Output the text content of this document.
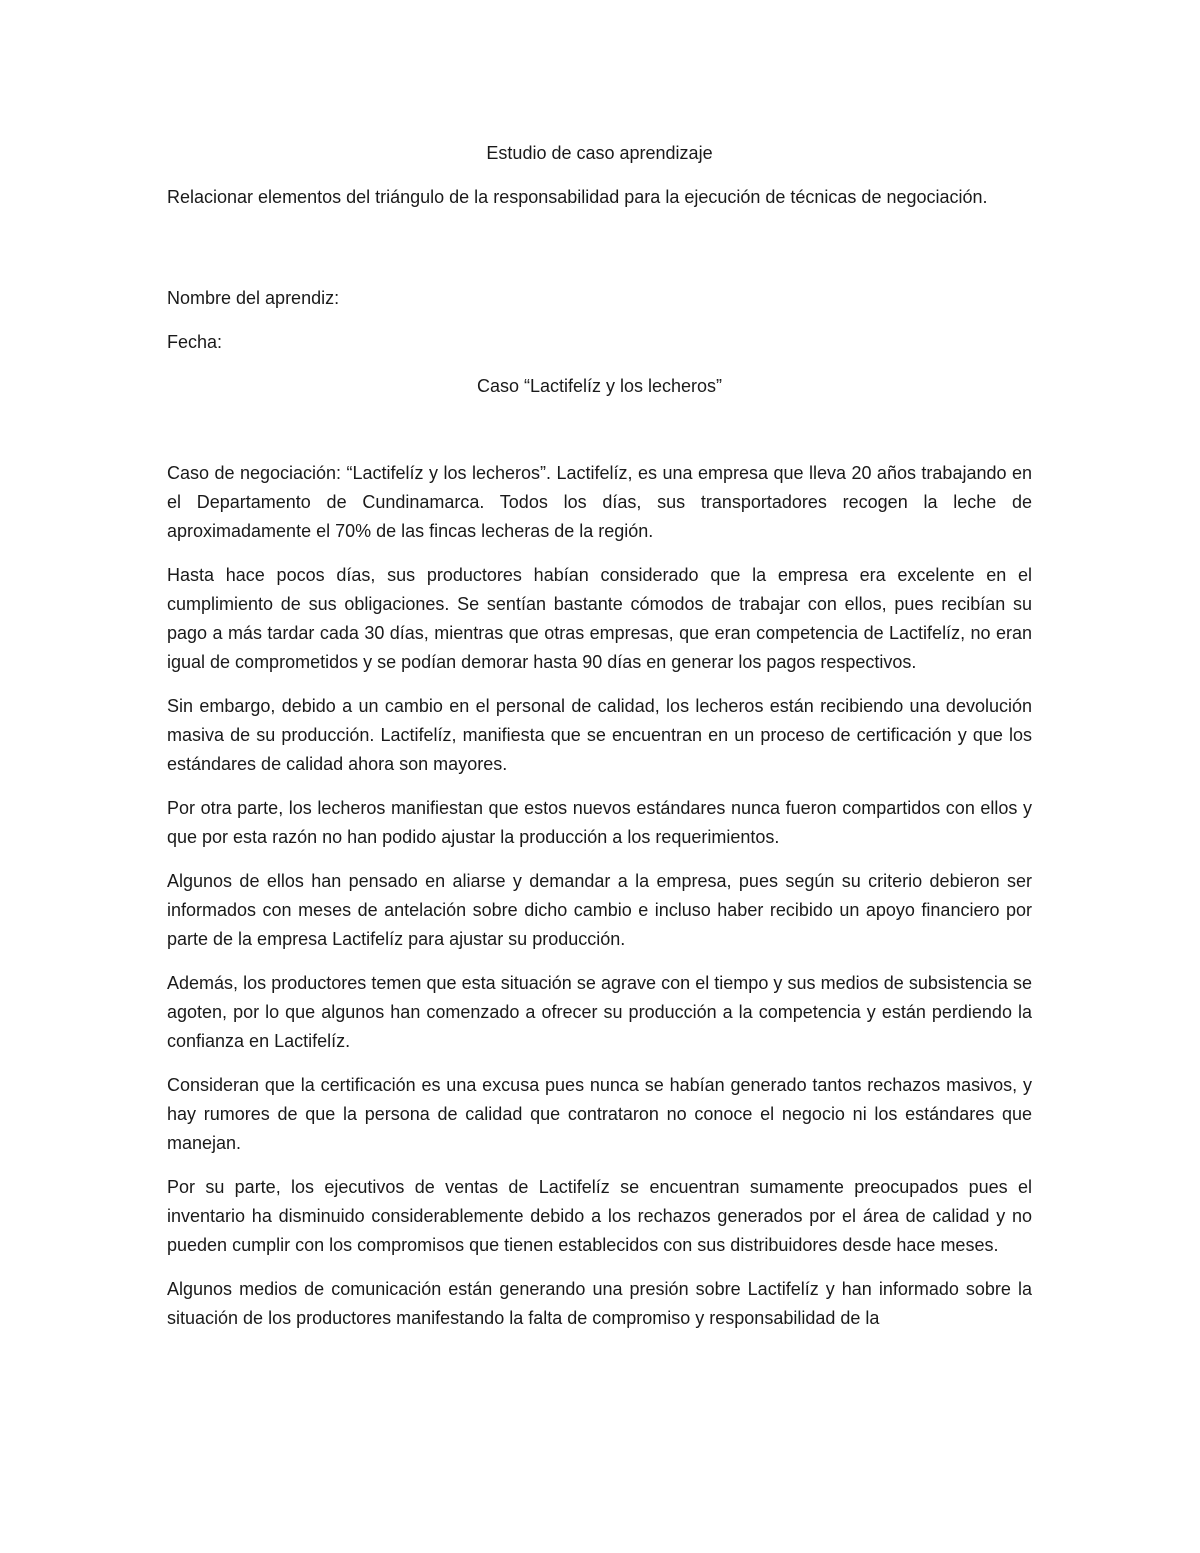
Estudio de caso aprendizaje

Relacionar elementos del triángulo de la responsabilidad para la ejecución de técnicas de negociación.

Nombre del aprendiz:

Fecha:

Caso “Lactifelíz y los lecheros”

Caso de negociación: “Lactifelíz y los lecheros”. Lactifelíz, es una empresa que lleva 20 años trabajando en el Departamento de Cundinamarca. Todos los días, sus transportadores recogen la leche de aproximadamente el 70% de las fincas lecheras de la región.

Hasta hace pocos días, sus productores habían considerado que la empresa era excelente en el cumplimiento de sus obligaciones. Se sentían bastante cómodos de trabajar con ellos, pues recibían su pago a más tardar cada 30 días, mientras que otras empresas, que eran competencia de Lactifelíz, no eran igual de comprometidos y se podían demorar hasta 90 días en generar los pagos respectivos.

Sin embargo, debido a un cambio en el personal de calidad, los lecheros están recibiendo una devolución masiva de su producción. Lactifelíz, manifiesta que se encuentran en un proceso de certificación y que los estándares de calidad ahora son mayores.

Por otra parte, los lecheros manifiestan que estos nuevos estándares nunca fueron compartidos con ellos y que por esta razón no han podido ajustar la producción a los requerimientos.

Algunos de ellos han pensado en aliarse y demandar a la empresa, pues según su criterio debieron ser informados con meses de antelación sobre dicho cambio e incluso haber recibido un apoyo financiero por parte de la empresa Lactifelíz para ajustar su producción.

Además, los productores temen que esta situación se agrave con el tiempo y sus medios de subsistencia se agoten, por lo que algunos han comenzado a ofrecer su producción a la competencia y están perdiendo la confianza en Lactifelíz.

Consideran que la certificación es una excusa pues nunca se habían generado tantos rechazos masivos, y hay rumores de que la persona de calidad que contrataron no conoce el negocio ni los estándares que manejan.

Por su parte, los ejecutivos de ventas de Lactifelíz se encuentran sumamente preocupados pues el inventario ha disminuido considerablemente debido a los rechazos generados por el área de calidad y no pueden cumplir con los compromisos que tienen establecidos con sus distribuidores desde hace meses.

Algunos medios de comunicación están generando una presión sobre Lactifelíz y han informado sobre la situación de los productores manifestando la falta de compromiso y responsabilidad de la
